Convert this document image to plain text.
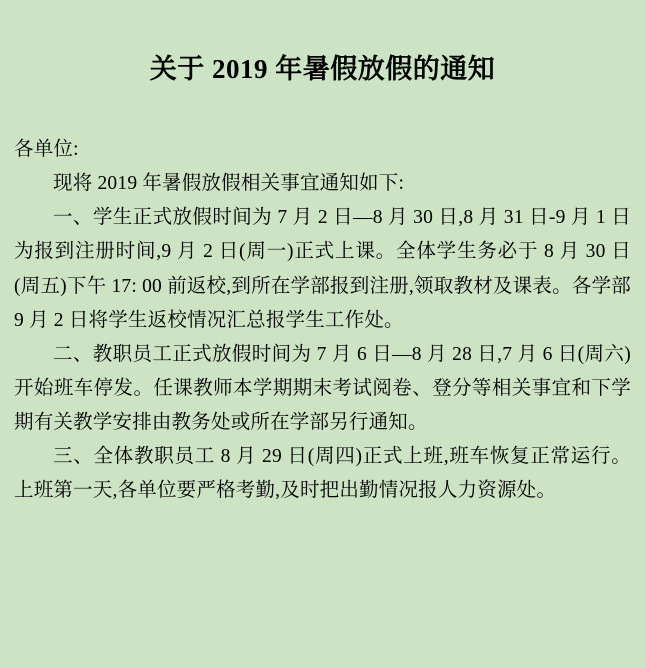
关于 2019 年暑假放假的通知

各单位:

现将 2019 年暑假放假相关事宜通知如下:

一、学生正式放假时间为 7 月 2 日—8 月 30 日,8 月 31 日-9 月 1 日为报到注册时间,9 月 2 日(周一)正式上课。全体学生务必于 8 月 30 日(周五)下午 17: 00 前返校,到所在学部报到注册,领取教材及课表。各学部 9 月 2 日将学生返校情况汇总报学生工作处。

二、教职员工正式放假时间为 7 月 6 日—8 月 28 日,7 月 6 日(周六)开始班车停发。任课教师本学期期末考试阅卷、登分等相关事宜和下学期有关教学安排由教务处或所在学部另行通知。

三、全体教职员工 8 月 29 日(周四)正式上班,班车恢复正常运行。上班第一天,各单位要严格考勤,及时把出勤情况报人力资源处。
